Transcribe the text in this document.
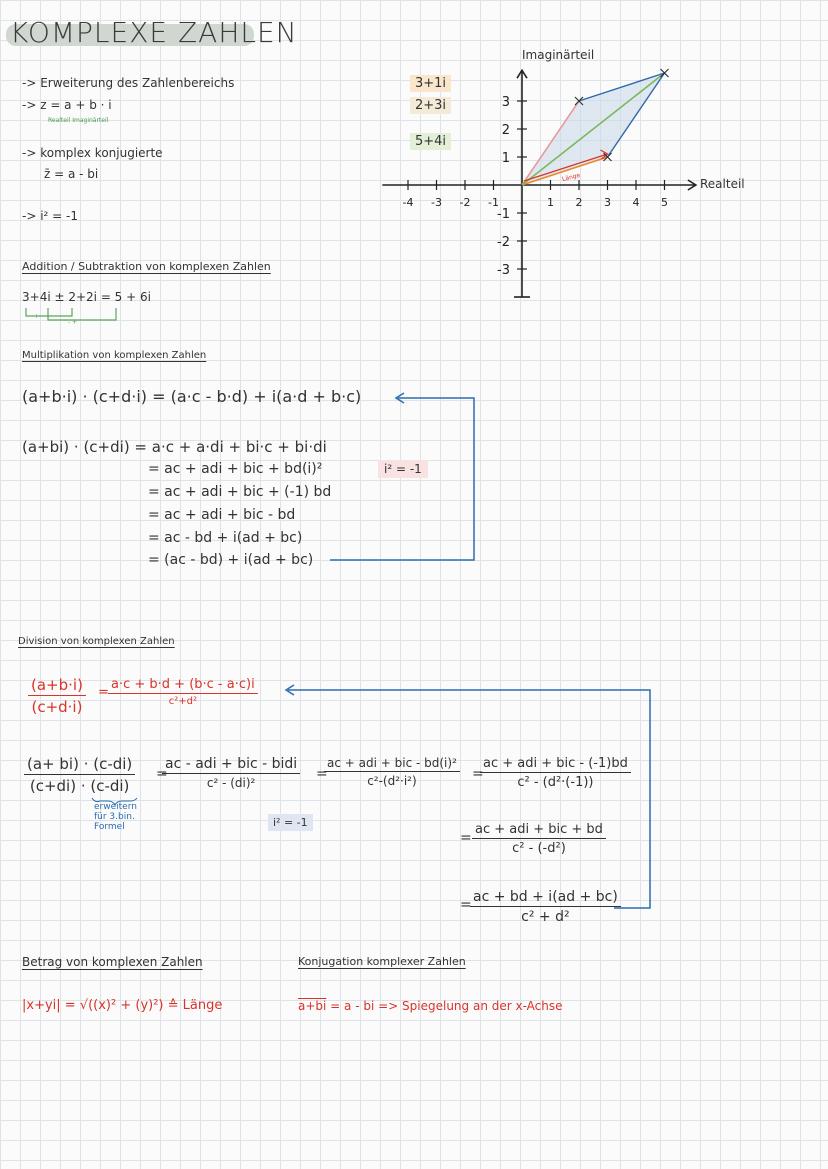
KOMPLEXE ZAHLEN
-> Erweiterung des Zahlenbereichs
-> z = a + b · i
Realteil Imaginärteil
-> komplex konjugierte
z̄ = a - bi
-> i² = -1
Addition / Subtraktion von komplexen Zahlen
3+4i ± 2+2i = 5 + 6i
- +
- +
Multiplikation von komplexen Zahlen
(a+b·i) · (c+d·i) = (a·c - b·d) + i(a·d + b·c)
(a+bi) · (c+di) = a·c + a·di + bi·c + bi·di
= ac + adi + bic + bd(i)²
= ac + adi + bic + (-1) bd
= ac + adi + bic - bd
= ac - bd + i(ad + bc)
= (ac - bd) + i(ad + bc)
i² = -1
Division von komplexen Zahlen
$\frac{(a+b\cdot i)}{(c+d\cdot i)}$ =
a·c + b·d + (b·c - a·c)i
c²+d²
$\frac{(a+ bi) \cdot (c-di)}{(c+di) \cdot (c-di)}$
erweitern für 3.bin. Formel
=
ac - adi + bic - bidi
c² - (di)²
=
ac + adi + bic - bd(i)²
c²-(d²·i²)	=
ac + adi + bic - (-1)bd
c² - (d²·(-1))
i² = -1
=
ac + adi + bic + bd
c² - (-d²)
=
$\frac{ac + bd + i(ad + bc)}{\text{c² + d²}}$
Betrag von komplexen Zahlen
|x+yi| = √((x)² + (y)²) ≙ Länge
Konjugation komplexer Zahlen
a+bi = a - bi => Spiegelung an der x-Achse
3+1i
2+3i
5+4i
-4 -3 -2 -1	1 2 3 4 5
3
2
1
-1
-2
-3
Imaginärteil
Realteil
Länge
